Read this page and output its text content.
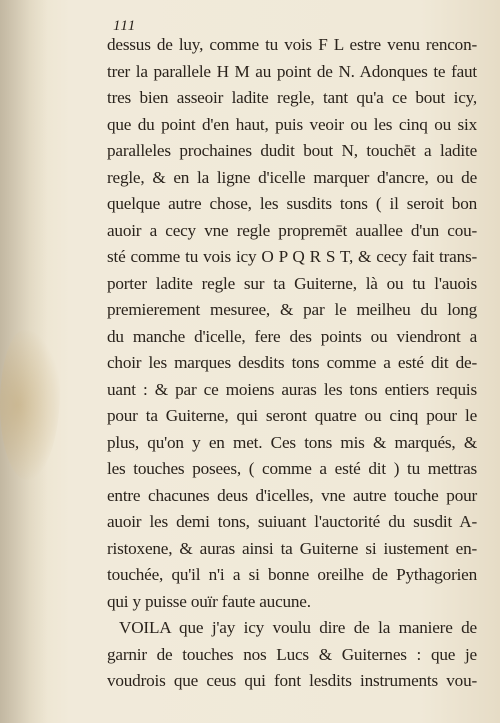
111
dessus de luy, comme tu vois F L estre venu rencon-
trer la parallele H M au point de N. Adonques te faut
tres bien asseoir ladite regle, tant qu'a ce bout icy,
que du point d'en haut, puis veoir ou les cinq ou six
paralleles prochaines dudit bout N, touchēt a ladite
regle, & en la ligne d'icelle marquer d'ancre, ou de
quelque autre chose, les susdits tons ( il seroit bon
auoir a cecy vne regle propremēt auallee d'un cou-
sté comme tu vois icy O P Q R S T, & cecy fait trans-
porter ladite regle sur ta Guiterne, là ou tu l'auois
premierement mesuree, & par le meilheu du long
du manche d'icelle, fere des points ou viendront a
choir les marques desdits tons comme a esté dit de-
uant : & par ce moiens auras les tons entiers requis
pour ta Guiterne, qui seront quatre ou cinq pour le
plus, qu'on y en met. Ces tons mis & marqués, &
les touches posees, ( comme a esté dit ) tu mettras
entre chacunes deus d'icelles, vne autre touche pour
auoir les demi tons, suiuant l'auctorité du susdit A-
ristoxene, & auras ainsi ta Guiterne si iustement en-
touchée, qu'il n'i a si bonne oreilhe de Pythagorien
qui y puisse ouïr faute aucune.
VOILA que j'ay icy voulu dire de la maniere de
garnir de touches nos Lucs & Guiternes : que je
voudrois que ceus qui font lesdits instruments vou-
